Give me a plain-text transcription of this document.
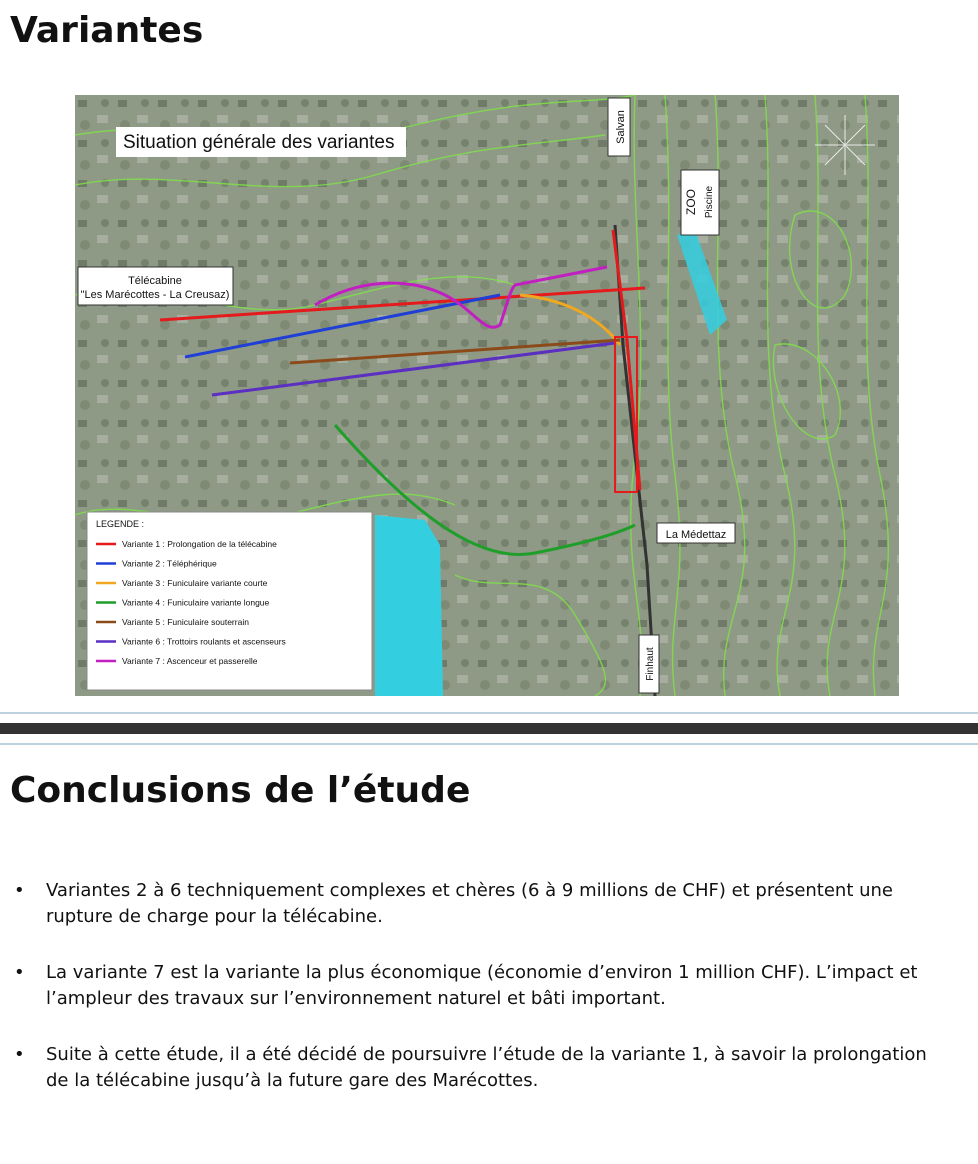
Variantes
Situation générale des variantes
Télécabine
"Les Marécottes - La Creusaz)
Salvan
ZOO Piscine
La Médettaz
Finhaut
LEGENDE :
Variante 1 : Prolongation de la télécabine
Variante 2 : Téléphérique
Variante 3 : Funiculaire variante courte
Variante 4 : Funiculaire variante longue
Variante 5 : Funiculaire souterrain
Variante 6 : Trottoirs roulants et ascenseurs
Variante 7 : Ascenceur et passerelle
Conclusions de l’étude
• Variantes 2 à 6 techniquement complexes et chères (6 à 9 millions de CHF) et présentent une rupture de charge pour la télécabine.
• La variante 7 est la variante la plus économique (économie d’environ 1 million CHF). L’impact et l’ampleur des travaux sur l’environnement naturel et bâti important.
• Suite à cette étude, il a été décidé de poursuivre l’étude de la variante 1, à savoir la prolongation de la télécabine jusqu’à la future gare des Marécottes.
